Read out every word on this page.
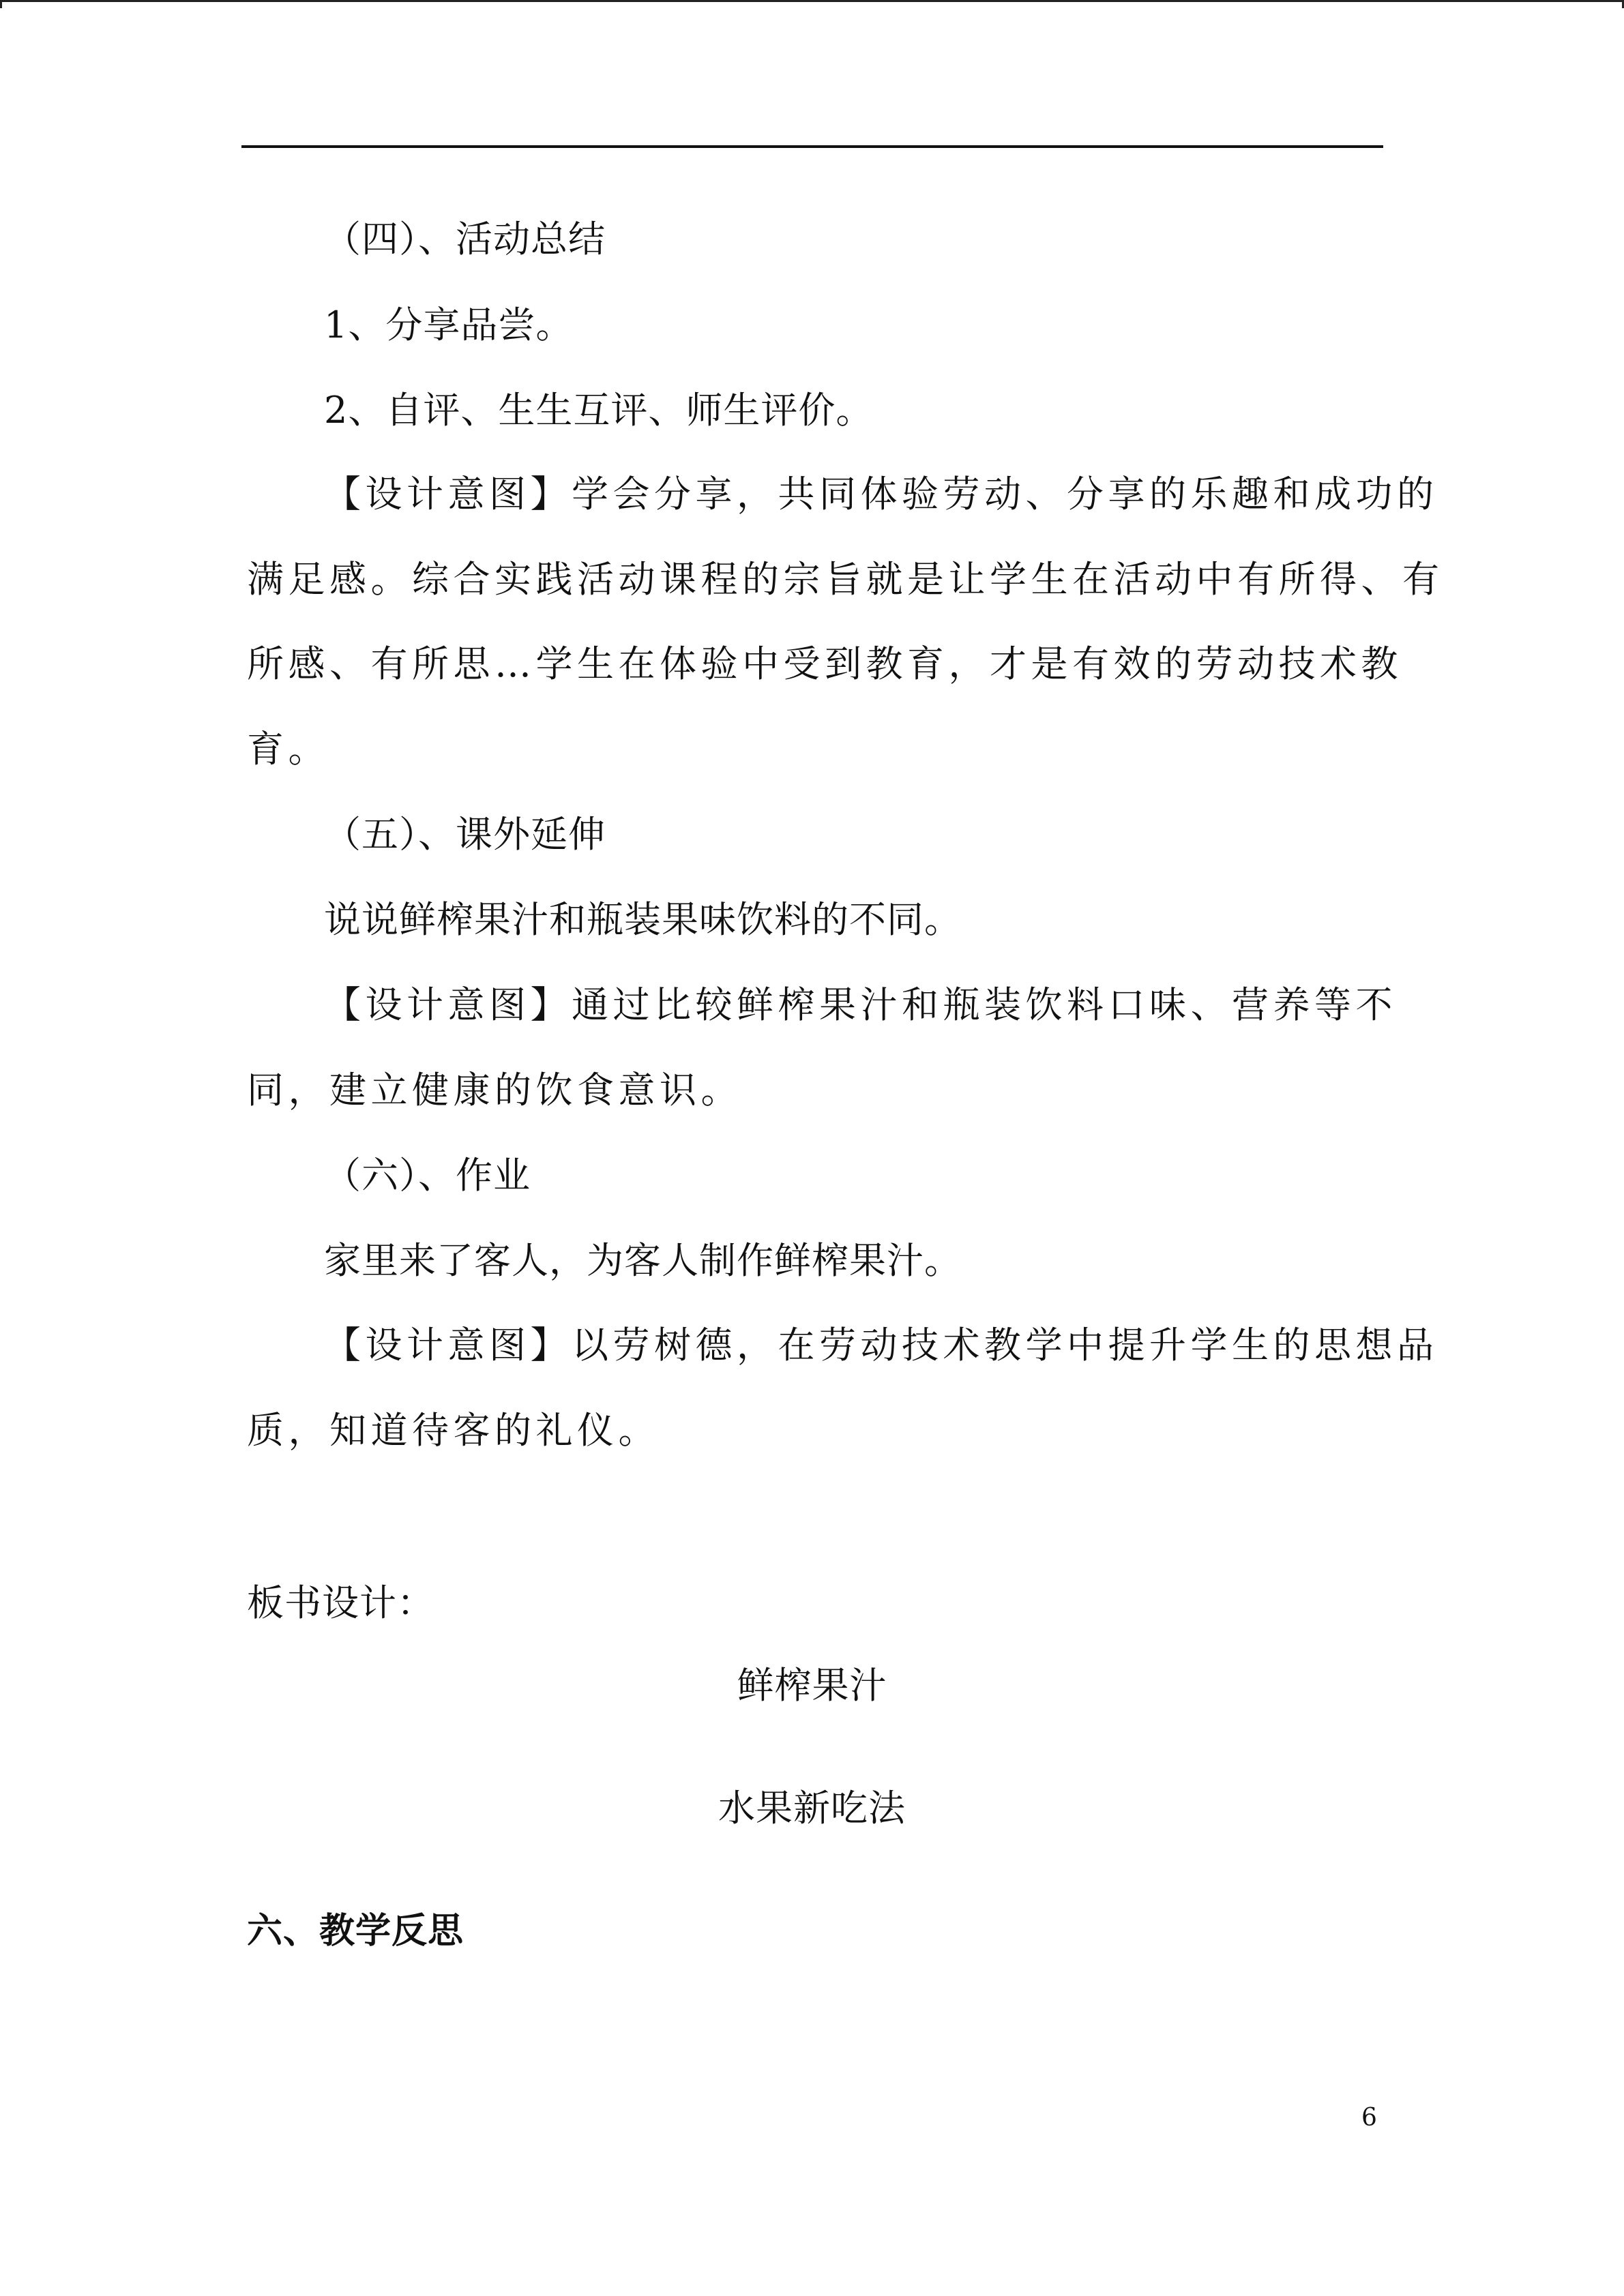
（四）、活动总结
1、分享品尝。
2、自评、生生互评、师生评价。
【设计意图】学会分享，共同体验劳动、分享的乐趣和成功的
满足感。综合实践活动课程的宗旨就是让学生在活动中有所得、有
所感、有所思…学生在体验中受到教育，才是有效的劳动技术教
育。
（五）、课外延伸
说说鲜榨果汁和瓶装果味饮料的不同。
【设计意图】通过比较鲜榨果汁和瓶装饮料口味、营养等不
同，建立健康的饮食意识。
（六）、作业
家里来了客人，为客人制作鲜榨果汁。
【设计意图】以劳树德，在劳动技术教学中提升学生的思想品
质，知道待客的礼仪。
板书设计：
鲜榨果汁
水果新吃法
六、教学反思
6
